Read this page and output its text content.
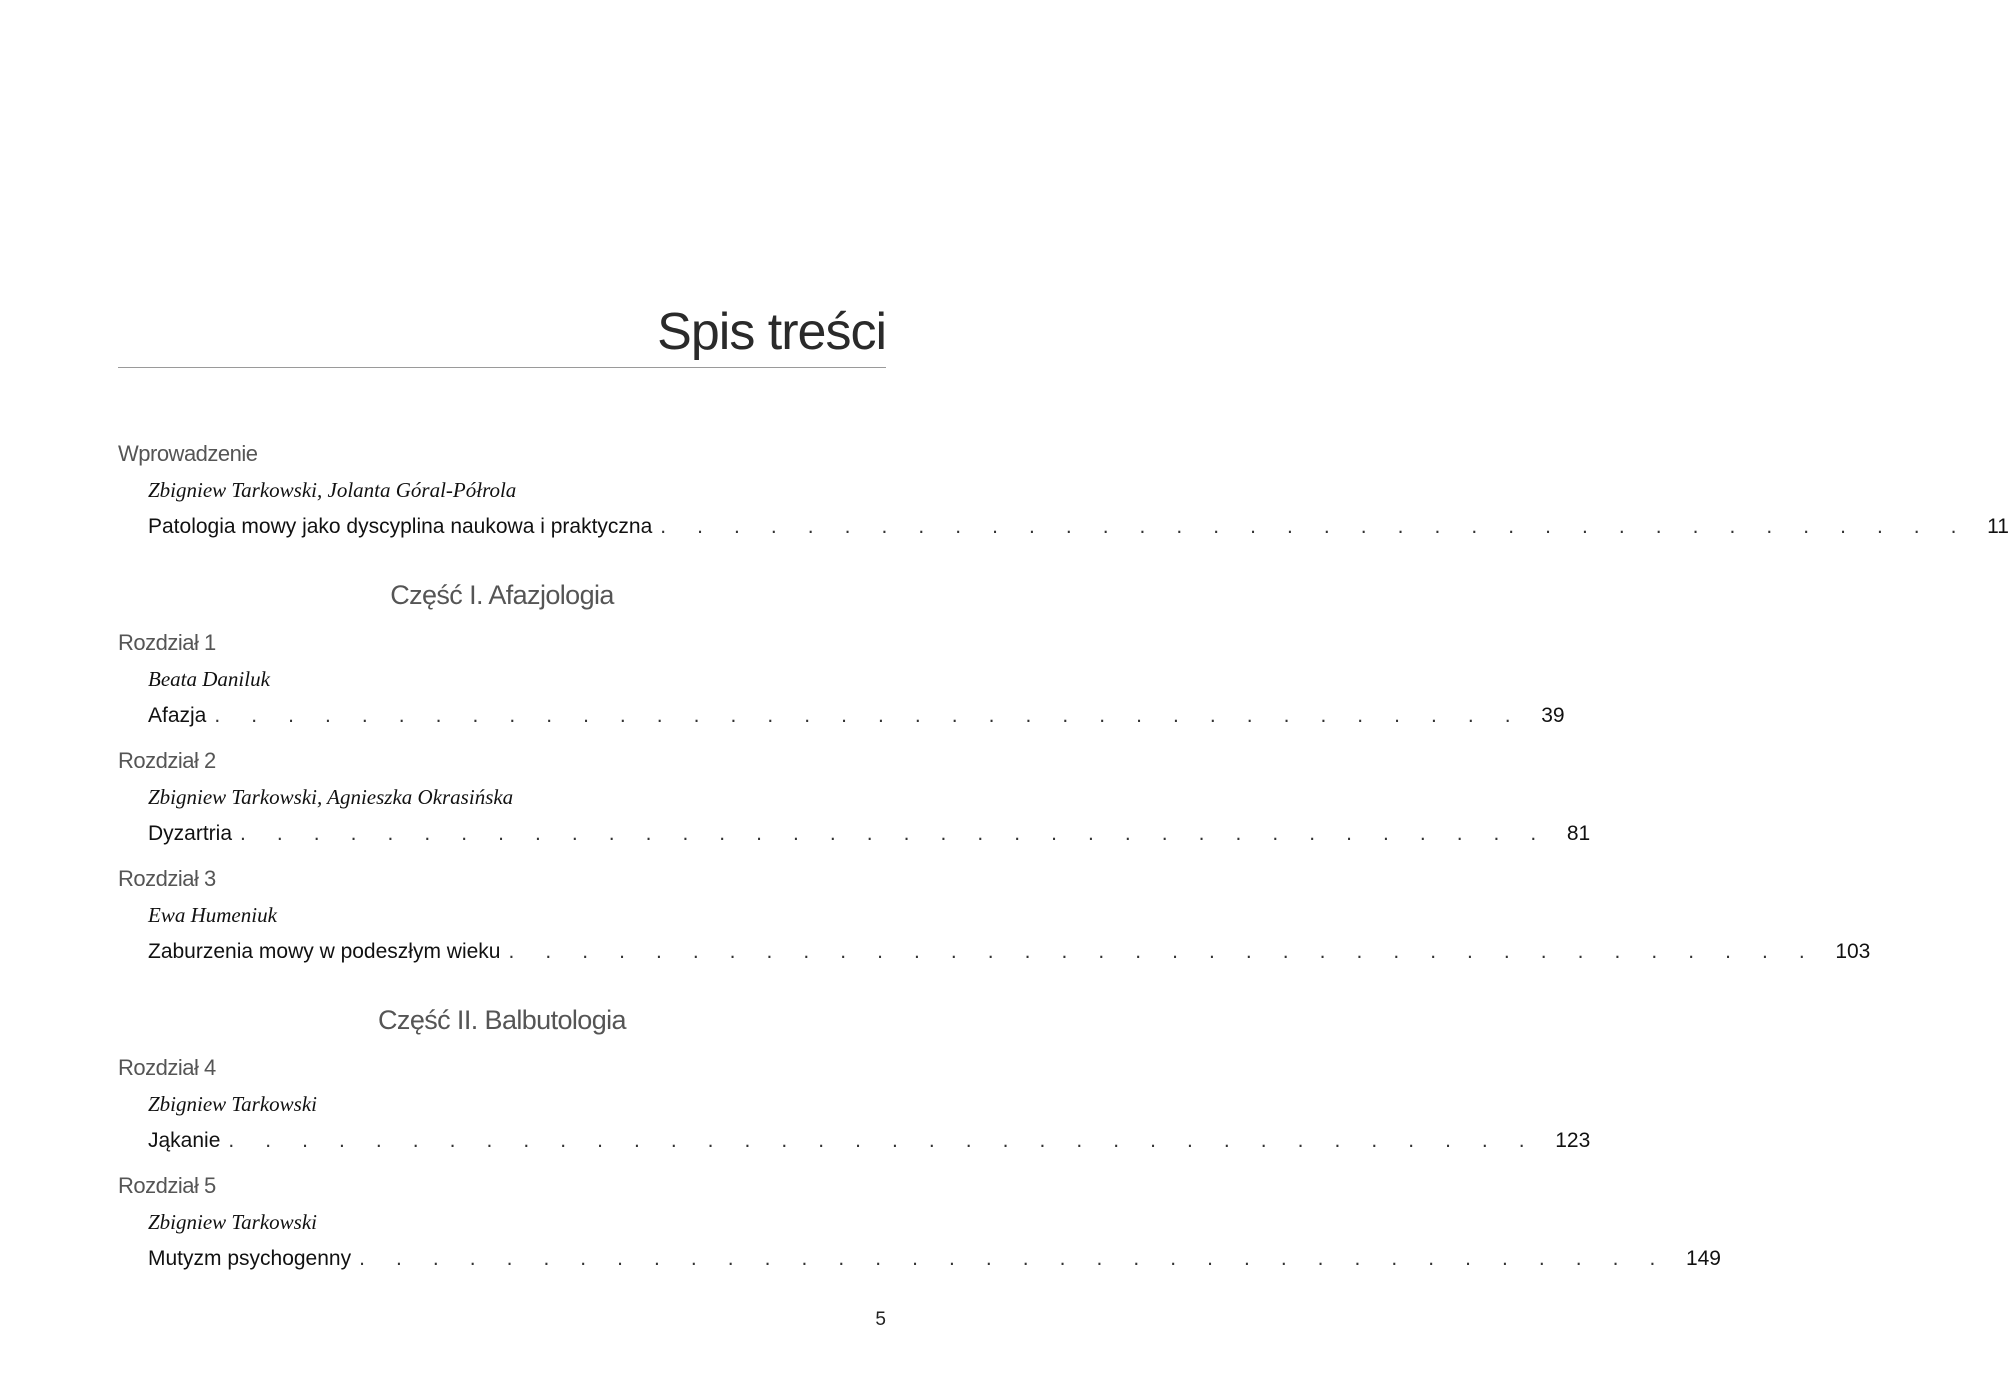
Spis treści
Wprowadzenie
Zbigniew Tarkowski, Jolanta Góral-Półrola
Patologia mowy jako dyscyplina naukowa i praktyczna . . . . . . . . . . . . . . . . . . . . . . . . . . . . . . . . . . . . 11
Część I. Afazjologia
Rozdział 1
Beata Daniluk
Afazja . . . . . . . . . . . . . . . . . . . . . . . . . . . . . . . . . . . . 39
Rozdział 2
Zbigniew Tarkowski, Agnieszka Okrasińska
Dyzartria . . . . . . . . . . . . . . . . . . . . . . . . . . . . . . . . . . . . 81
Rozdział 3
Ewa Humeniuk
Zaburzenia mowy w podeszłym wieku . . . . . . . . . . . . . . . . . . . . . . . . . . . . . . . . . . . . 103
Część II. Balbutologia
Rozdział 4
Zbigniew Tarkowski
Jąkanie . . . . . . . . . . . . . . . . . . . . . . . . . . . . . . . . . . . . 123
Rozdział 5
Zbigniew Tarkowski
Mutyzm psychogenny . . . . . . . . . . . . . . . . . . . . . . . . . . . . . . . . . . . . 149
5
